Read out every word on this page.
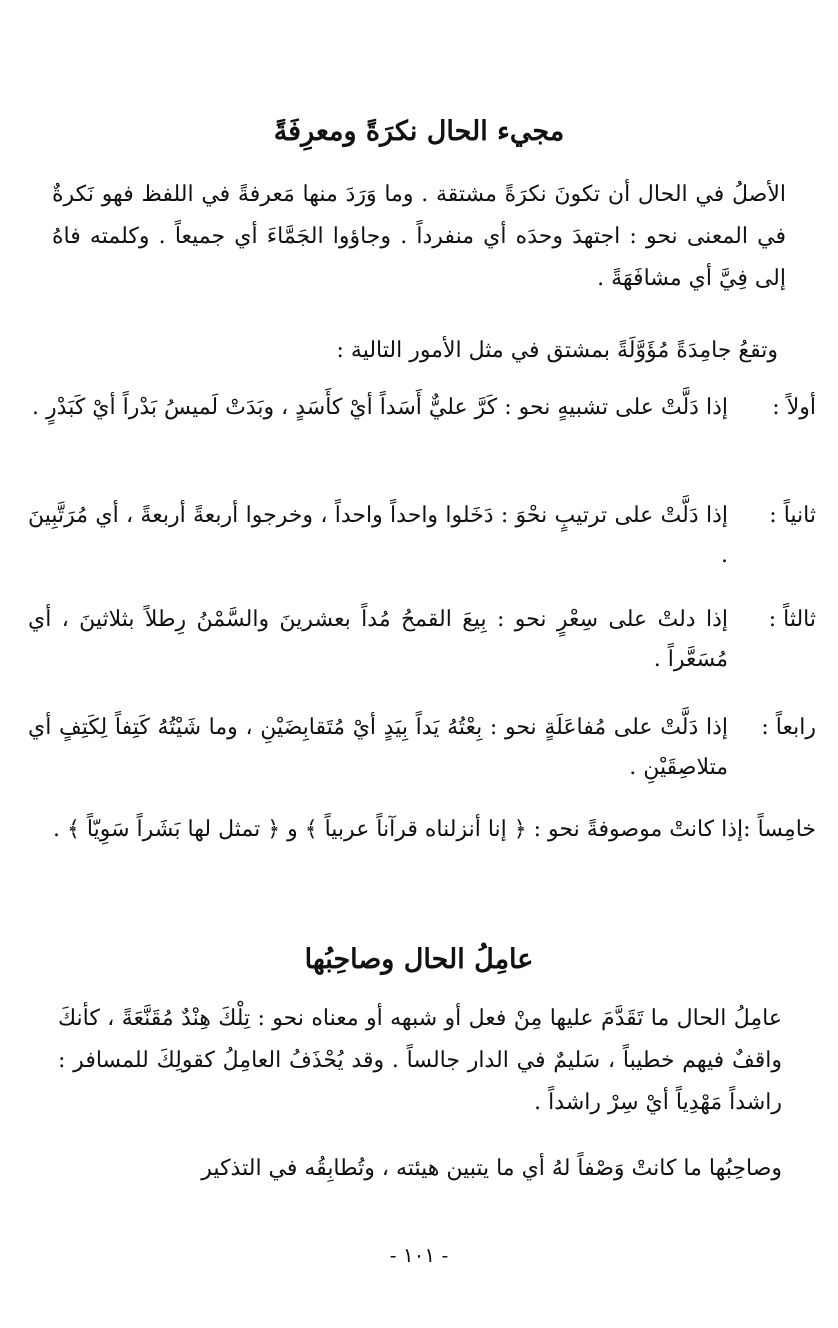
مجيء الحال نكرَةً ومعرِفَةً
الأصلُ في الحال أن تكونَ نكرَةً مشتقة . وما وَرَدَ منها مَعرفةً في اللفظ فهو نَكرةٌ في المعنى نحو : اجتهدَ وحدَه أي منفرداً . وجاؤوا الجَمَّاءَ أي جميعاً . وكلمته فاهُ إلى فِيَّ أي مشافَهَةً .
وتقعُ جامِدَةً مُؤَوَّلَةً بمشتق في مثل الأمور التالية :
أولاً :
إذا دَلَّتْ على تشبيهٍ نحو : كَرَّ عليٌّ أَسَداً أيْ كأَسَدٍ ، وبَدَتْ لَميسُ بَدْراً أيْ كَبَدْرٍ .
ثانياً :
إذا دَلَّتْ على ترتيبٍ نحْوَ : دَخَلوا واحداً واحداً ، وخرجوا أربعةً أربعةً ، أي مُرَتَّبِينَ .
ثالثاً :
إذا دلتْ على سِعْرٍ نحو : بِيعَ القمحُ مُداً بعشرينَ والسَّمْنُ رِطلاً بثلاثينَ ، أي مُسَعَّراً .
رابعاً :
إذا دَلَّتْ على مُفاعَلَةٍ نحو : بِعْتُهُ يَداً بِيَدٍ أيْ مُتَقابِضَيْنِ ، وما شَيْتُهُ كَتِفاً لِكَتِفٍ أي متلاصِقَيْنِ .
خامِساً :إذا كانتْ موصوفةً نحو : ﴿ إنا أنزلناه قرآناً عربياً ﴾ و ﴿ تمثل لها بَشَراً سَوِيّاً ﴾ .
عامِلُ الحال وصاحِبُها
عامِلُ الحال ما تَقَدَّمَ عليها مِنْ فعل أو شبهه أو معناه نحو : تِلْكَ هِنْدٌ مُقَنَّعَةً ، كأنكَ واقفٌ فيهم خطيباً ، سَليمٌ في الدار جالساً . وقد يُحْذَفُ العامِلُ كقولِكَ للمسافر : راشداً مَهْدِياً أيْ سِرْ راشداً .
وصاحِبُها ما كانتْ وَصْفاً لهُ أي ما يتبين هيئته ، وتُطابِقُه في التذكير
- ١٠١ -
